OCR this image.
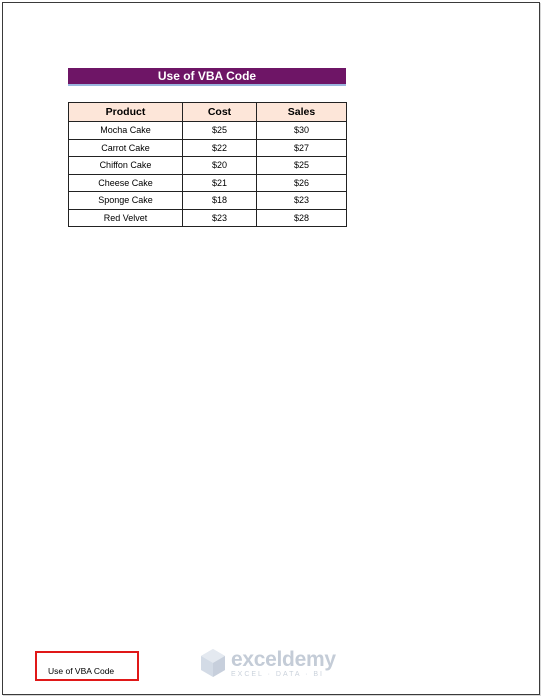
Use of VBA Code
Product	Cost	Sales
Mocha Cake	$25	$30
Carrot Cake	$22	$27
Chiffon Cake	$20	$25
Cheese Cake	$21	$26
Sponge Cake	$18	$23
Red Velvet	$23	$28
Use of VBA Code
exceldemy
EXCEL · DATA · BI
